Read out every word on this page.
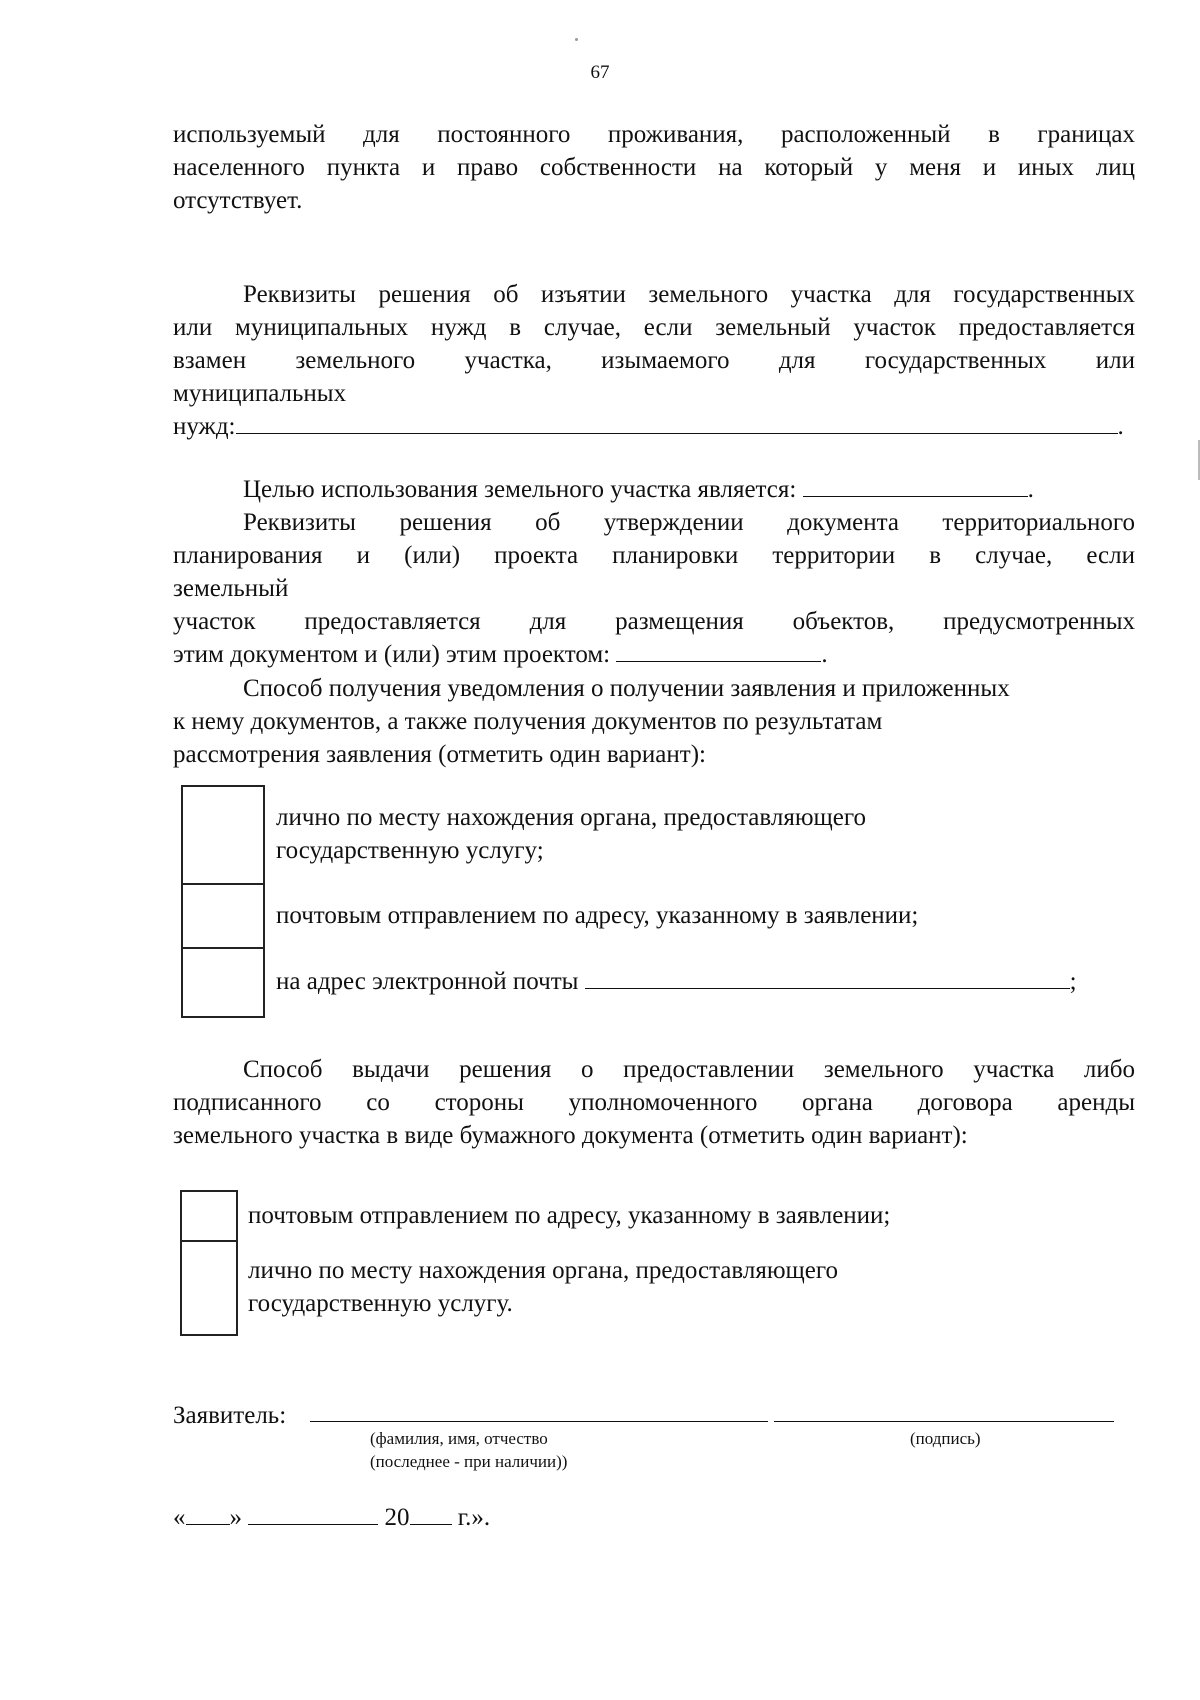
67
используемый для постоянного проживания, расположенный в границах
населенного пункта и право собственности на который у меня и иных лиц
отсутствует.
Реквизиты решения об изъятии земельного участка для государственных
или муниципальных нужд в случае, если земельный участок предоставляется
взамен земельного участка, изымаемого для государственных или
муниципальных
нужд:	.
Целью использования земельного участка является:	.
Реквизиты решения об утверждении документа территориального
планирования и (или) проекта планировки территории в случае, если
земельный
участок предоставляется для размещения объектов, предусмотренных
этим документом и (или) этим проектом:	.
Способ получения уведомления о получении заявления и приложенных
к нему документов, а также получения документов по результатам
рассмотрения заявления (отметить один вариант):
лично по месту нахождения органа, предоставляющего
государственную услугу;
почтовым отправлением по адресу, указанному в заявлении;
на адрес электронной почты	;
Способ выдачи решения о предоставлении земельного участка либо
подписанного со стороны уполномоченного органа договора аренды
земельного участка в виде бумажного документа (отметить один вариант):
почтовым отправлением по адресу, указанному в заявлении;
лично по месту нахождения органа, предоставляющего
государственную услугу.
Заявитель:
(фамилия, имя, отчество
(последнее - при наличии))
(подпись)
« »	20 г.».
